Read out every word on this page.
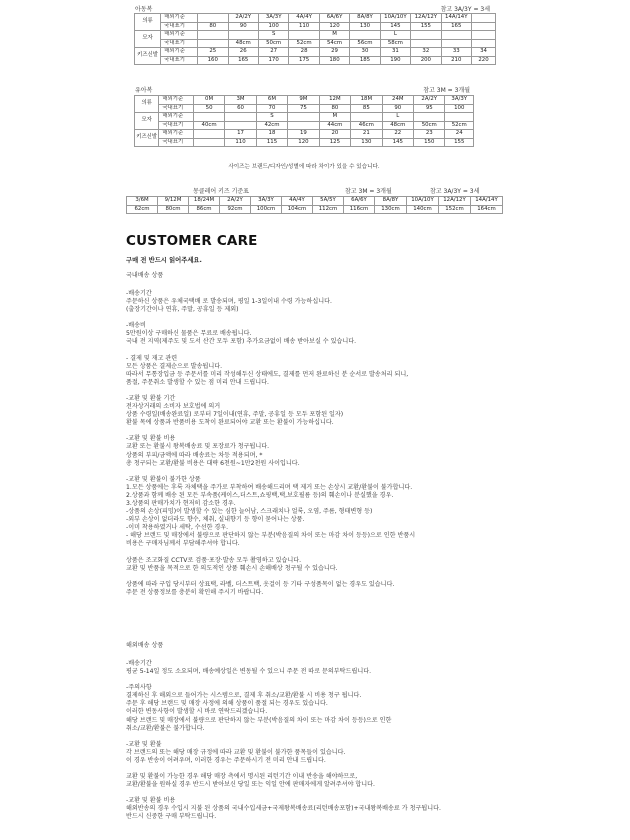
아동복	참고 3A/3Y = 3세
의류	해외기준		2A/2Y	3A/3Y	4A/4Y	6A/6Y	8A/8Y	10A/10Y	12A/12Y	14A/14Y	
	국내표기	80	90	100	110	120	130	145	155	165	
모자	해외기준			S		M		L			
	국내표기		48cm	50cm	52cm	54cm	56cm	58cm			
키즈신발	해외기준	25	26	27	28	29	30	31	32	33	34
	국내표기	160	165	170	175	180	185	190	200	210	220
유아복	참고 3M = 3개월
의류	해외기준	0M	3M	6M	9M	12M	18M	24M	2A/2Y	3A/3Y
	국내표기	50	60	70	75	80	85	90	95	100
모자	해외기준			S		M		L		
	국내표기	40cm		42cm		44cm	46cm	48cm	50cm	52cm
키즈신발	해외기준		17	18	19	20	21	22	23	24
	국내표기		110	115	120	125	130	145	150	155
사이즈는 브랜드/디자인/성별에 따라 차이가 있을 수 있습니다.
몽클레어 키즈 기준표	참고 3M = 3개월	참고 3A/3Y = 3세
3/6M	9/12M	18/24M	2A/2Y	3A/3Y	4A/4Y	5A/5Y	6A/6Y	8A/8Y	10A/10Y	12A/12Y	14A/14Y
62cm	80cm	86cm	92cm	100cm	104cm	112cm	116cm	130cm	140cm	152cm	164cm
CUSTOMER CARE
구매 전 반드시 읽어주세요.
국내배송 상품
-배송기간
주문하신 상품은 우체국택배 로 발송되며, 평일 1-3일이내 수령 가능하십니다.
(출장기간이나 연휴, 주말, 공휴일 등 제외)
-배송비
5만원이상 구매하신 물품은 무료로 배송됩니다.
국내 전 지역(제주도 및 도서 산간 모두 포함) 추가요금없이 배송 받아보실 수 있습니다.
- 결제 및 재고 관련
모든 상품은 결제순으로 발송됩니다.
따라서 무통장입금 등 주문서를 미리 작성해두신 상태에도, 결제를 먼저 완료하신 분 순서로 발송처리 되니,
품절, 주문취소 발생할 수 있는 점 미리 안내 드립니다.
-교환 및 환불 기간
전자상거래의 소비자 보호법에 의거
상품 수령일(배송완료일) 로부터 7일이내(연휴, 주말, 공휴일 등 모두 포함된 일자)
환불 목에 상품과 반품비용 도착이 완료되어야 교환 또는 환불이 가능하십니다.
-교환 및 환불 비용
교환 또는 환불시 왕복배송료 및 포장료가 청구됩니다.
상품의 부피/금액에 따라 배송료는 차등 적용되며, *
총 청구되는 교환/환불 비용은 대략 6천원~1만2천원 사이입니다.
-교환 및 환불이 불가한 상품
1.모든 상품에는 후룩 자체택을 주가로 부착하여 배송해드리며 택 제거 또는 손상시 교환/환불이 불가합니다.
2.상품과 함께 배송 된 모든 부속품(케이스,더스트,쇼핑백,택,보호필름 등)의 훼손이나 분실했을 경우.
3.상품의 판매가치가 현저히 감소한 경우.
-상품의 손상(피밍)이 발생할 수 있는 심한 늘어남, 스크래치나 얼룩, 오염, 주름, 형태변형 등)
-외부 손상이 없더라도 향수, 체취, 실내향기 등 향이 묻어나는 상품.
-이미 착용하였거나 세탁, 수선한 경우.
- 해당 브랜드 및 매장에서 불량으로 판단하지 않는 부분(박음질의 차이 또는 마감 차이 등등)으로 인한 반품시
비용은 구매자님께서 부담해주셔야 합니다.
상품은 조고화질 CCTV로 검품·포장·발송 모두 촬영하고 있습니다.
교환 및 반품을 목적으로 한 의도적인 상품 훼손시 손해배상 청구될 수 있습니다.
상품에 따라 구입 당시부터 상표택, 라벨, 더스트백, 옷걸이 등 기타 구성품목이 없는 경우도 있습니다.
주문 전 상품정보를 충분히 확인해 주시기 바랍니다.
해외배송 상품
-배송기간
평균 5-14일 정도 소요되며, 배송예상일은 변동될 수 있으니 주문 전 따로 문의부탁드립니다.
-주의사항
결제하신 후 해외으로 들어가는 시스템으로, 결제 후 취소/교환/환불 시 비용 청구 됩니다.
주문 후 해당 브랜드 및 매장 사정에 의해 상품이 품절 되는 경우도 있습니다.
이러한 변동사항이 발생할 시 바로 연락드리겠습니다.
해당 브랜드 및 매장에서 불량으로 판단하지 않는 부분(박음질의 차이 또는 마감 차이 등등)으로 인한
취소/교환/환불은 불가합니다.
-교환 및 환불
각 브랜드의 또는 해당 매장 규정에 따라 교환 및 환불이 불가한 품목들이 있습니다.
이 경우 반송이 어려우며, 이러한 경우는 주문하시기 전 미리 안내 드립니다.
교환 및 환불이 가능한 경우 해당 매장 측에서 명시된 리턴기간 이내 반송을 해야하므로,
교환/환불을 원하실 경우 반드시 받아보신 당일 또는 익일 안에 판매자에게 알려주셔야 합니다.
-교환 및 환불 비용
해외반송의 경우 수입시 지불 된 상품의 국내수입세금+국제왕복배송료(리턴배송포함)+국내왕복배송료 가 청구됩니다.
반드시 신중한 구매 부탁드립니다.
